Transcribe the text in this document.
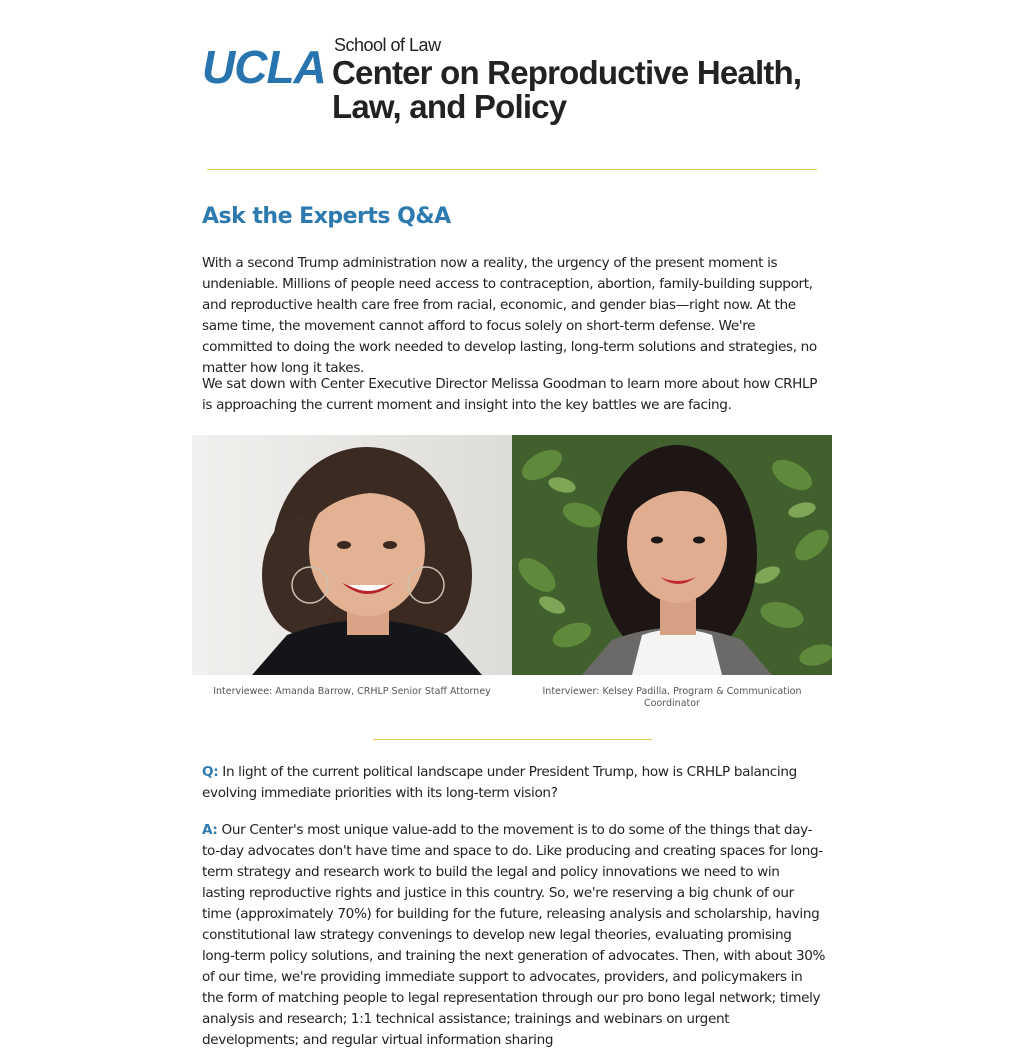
UCLA School of Law
Center on Reproductive Health,
Law, and Policy
Ask the Experts Q&A
With a second Trump administration now a reality, the urgency of the present moment is undeniable. Millions of people need access to contraception, abortion, family-building support, and reproductive health care free from racial, economic, and gender bias—right now. At the same time, the movement cannot afford to focus solely on short-term defense. We're committed to doing the work needed to develop lasting, long-term solutions and strategies, no matter how long it takes.
We sat down with Center Executive Director Melissa Goodman to learn more about how CRHLP is approaching the current moment and insight into the key battles we are facing.
Interviewee: Amanda Barrow, CRHLP Senior Staff Attorney	Interviewer: Kelsey Padilla, Program & Communication Coordinator
Q: In light of the current political landscape under President Trump, how is CRHLP balancing evolving immediate priorities with its long-term vision?
A: Our Center's most unique value-add to the movement is to do some of the things that day-to-day advocates don't have time and space to do. Like producing and creating spaces for long-term strategy and research work to build the legal and policy innovations we need to win lasting reproductive rights and justice in this country. So, we're reserving a big chunk of our time (approximately 70%) for building for the future, releasing analysis and scholarship, having constitutional law strategy convenings to develop new legal theories, evaluating promising long-term policy solutions, and training the next generation of advocates. Then, with about 30% of our time, we're providing immediate support to advocates, providers, and policymakers in the form of matching people to legal representation through our pro bono legal network; timely analysis and research; 1:1 technical assistance; trainings and webinars on urgent developments; and regular virtual information sharing
